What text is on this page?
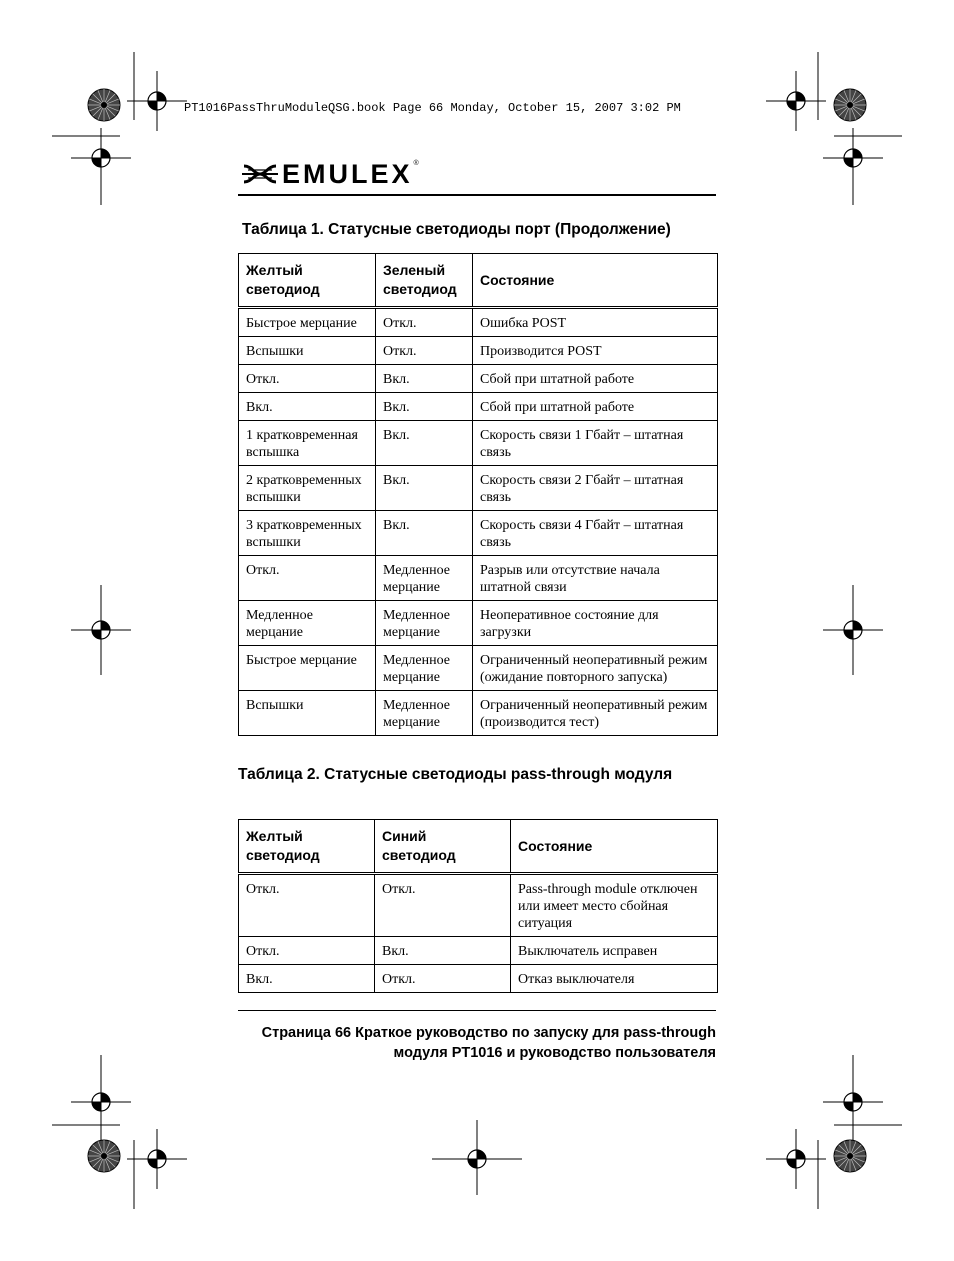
PT1016PassThruModuleQSG.book Page 66 Monday, October 15, 2007 3:02 PM
EMULEX ®
Таблица 1. Статусные светодиоды порт (Продолжение)
Желтый светодиод	Зеленый светодиод	Состояние
Быстрое мерцание	Откл.	Ошибка POST
Вспышки	Откл.	Производится POST
Откл.	Вкл.	Сбой при штатной работе
Вкл.	Вкл.	Сбой при штатной работе
1 кратковременная вспышка	Вкл.	Скорость связи 1 Гбайт – штатная связь
2 кратковременных вспышки	Вкл.	Скорость связи 2 Гбайт – штатная связь
3 кратковременных вспышки	Вкл.	Скорость связи 4 Гбайт – штатная связь
Откл.	Медленное мерцание	Разрыв или отсутствие начала штатной связи
Медленное мерцание	Медленное мерцание	Неоперативное состояние для загрузки
Быстрое мерцание	Медленное мерцание	Ограниченный неоперативный режим (ожидание повторного запуска)
Вспышки	Медленное мерцание	Ограниченный неоперативный режим (производится тест)
Таблица 2. Статусные светодиоды pass-through модуля
Желтый светодиод	Синий светодиод	Состояние
Откл.	Откл.	Pass-through module отключен или имеет место сбойная ситуация
Откл.	Вкл.	Выключатель исправен
Вкл.	Откл.	Отказ выключателя
Страница 66 Краткое руководство по запуску для pass-through
модуля PT1016 и руководство пользователя
